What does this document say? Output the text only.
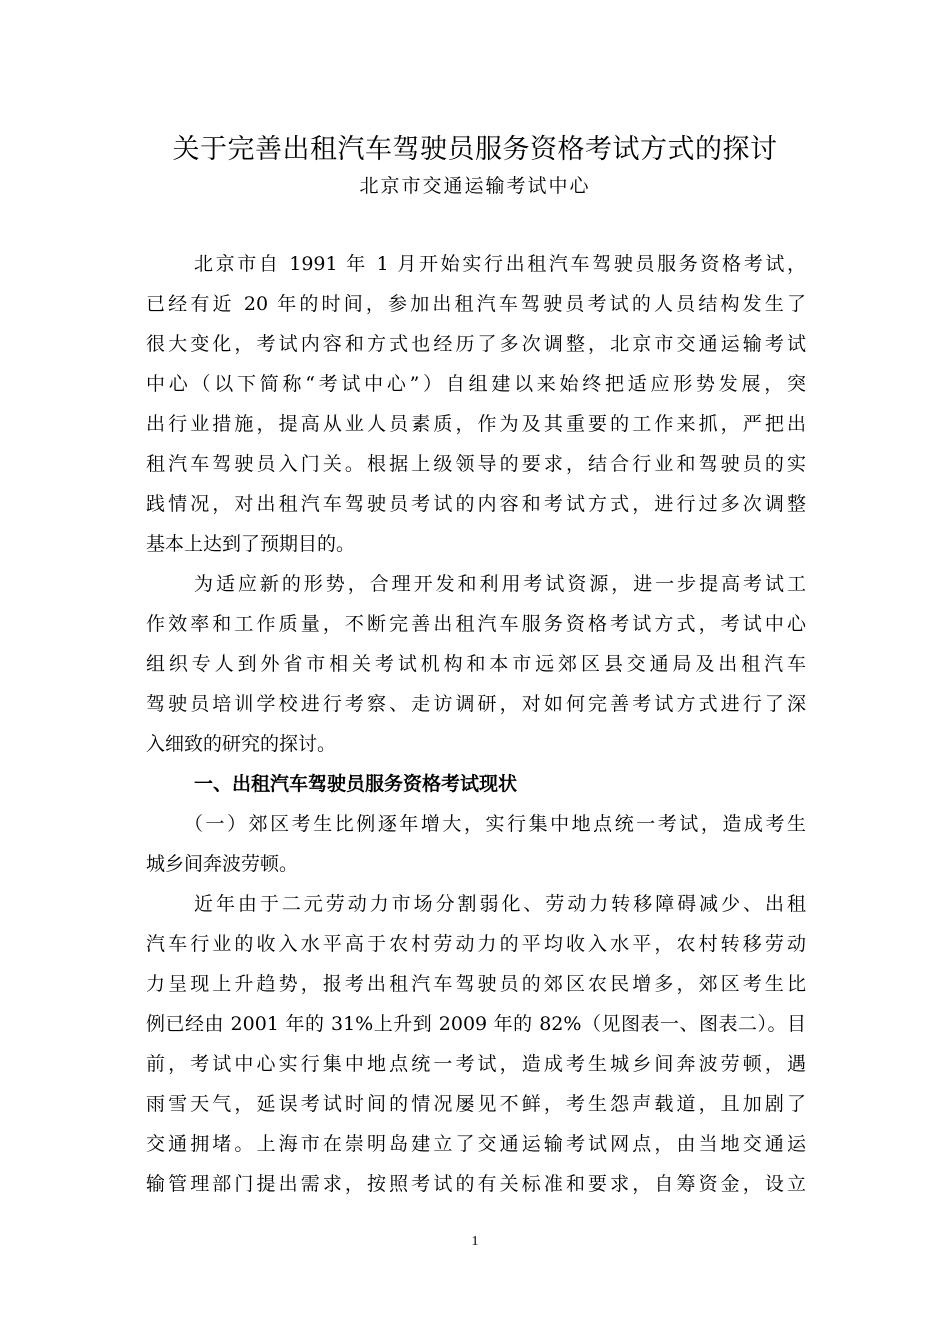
关于完善出租汽车驾驶员服务资格考试方式的探讨
北京市交通运输考试中心
北京市自 1991 年 1 月开始实行出租汽车驾驶员服务资格考试，
已经有近 20 年的时间，参加出租汽车驾驶员考试的人员结构发生了
很大变化，考试内容和方式也经历了多次调整，北京市交通运输考试
中心（以下简称“考试中心”）自组建以来始终把适应形势发展，突
出行业措施，提高从业人员素质，作为及其重要的工作来抓，严把出
租汽车驾驶员入门关。根据上级领导的要求，结合行业和驾驶员的实
践情况，对出租汽车驾驶员考试的内容和考试方式，进行过多次调整
基本上达到了预期目的。
为适应新的形势，合理开发和利用考试资源，进一步提高考试工
作效率和工作质量，不断完善出租汽车服务资格考试方式，考试中心
组织专人到外省市相关考试机构和本市远郊区县交通局及出租汽车
驾驶员培训学校进行考察、走访调研，对如何完善考试方式进行了深
入细致的研究的探讨。
一、出租汽车驾驶员服务资格考试现状
（一）郊区考生比例逐年增大，实行集中地点统一考试，造成考生
城乡间奔波劳顿。
近年由于二元劳动力市场分割弱化、劳动力转移障碍减少、出租
汽车行业的收入水平高于农村劳动力的平均收入水平，农村转移劳动
力呈现上升趋势，报考出租汽车驾驶员的郊区农民增多，郊区考生比
例已经由 2001 年的 31%上升到 2009 年的 82%（见图表一、图表二）。目
前，考试中心实行集中地点统一考试，造成考生城乡间奔波劳顿，遇
雨雪天气，延误考试时间的情况屡见不鲜，考生怨声载道，且加剧了
交通拥堵。上海市在崇明岛建立了交通运输考试网点，由当地交通运
输管理部门提出需求，按照考试的有关标准和要求，自筹资金，设立
1
